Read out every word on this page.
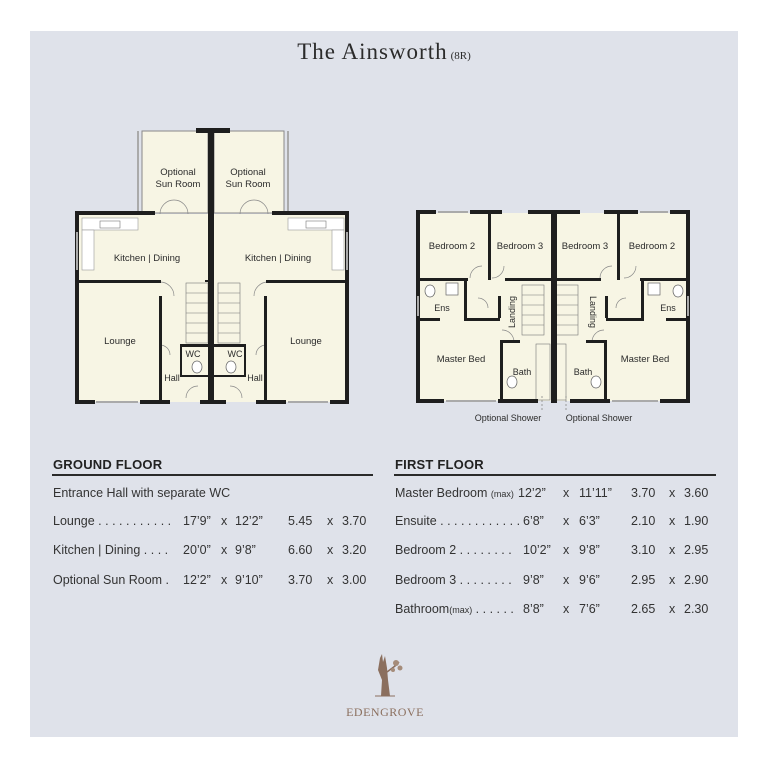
The Ainsworth (8R)
Optional
Sun Room
Optional
Sun Room
Kitchen | Dining	Kitchen | Dining
Lounge	Lounge
WC	WC
Hall	Hall
Bedroom 2 Bedroom 3 Bedroom 3 Bedroom 2
Ens	Ens
Landing	Landing
Master Bed	Master Bed
Bath	Bath
Optional Shower	Optional Shower
GROUND FLOOR
Entrance Hall with separate WC
Lounge . . . . . . . . . . . 17’9” x 12’2” 5.45 x 3.70
Kitchen | Dining . . . . 20’0” x 9’8”	6.60 x 3.20
Optional Sun Room . 12’2” x 9’10” 3.70 x 3.00
FIRST FLOOR
Master Bedroom (max) 12’2” x 11’11” 3.70 x 3.60
Ensuite . . . . . . . . . . . . 6’8” x 6’3” 2.10 x 1.90
Bedroom 2 . . . . . . . . 10’2” x 9’8” 3.10 x 2.95
Bedroom 3 . . . . . . . . 9’8” x 9’6” 2.95 x 2.90
Bathroom(max) . . . . . . 8’8” x 7’6” 2.65 x 2.30
EDENGROVE
